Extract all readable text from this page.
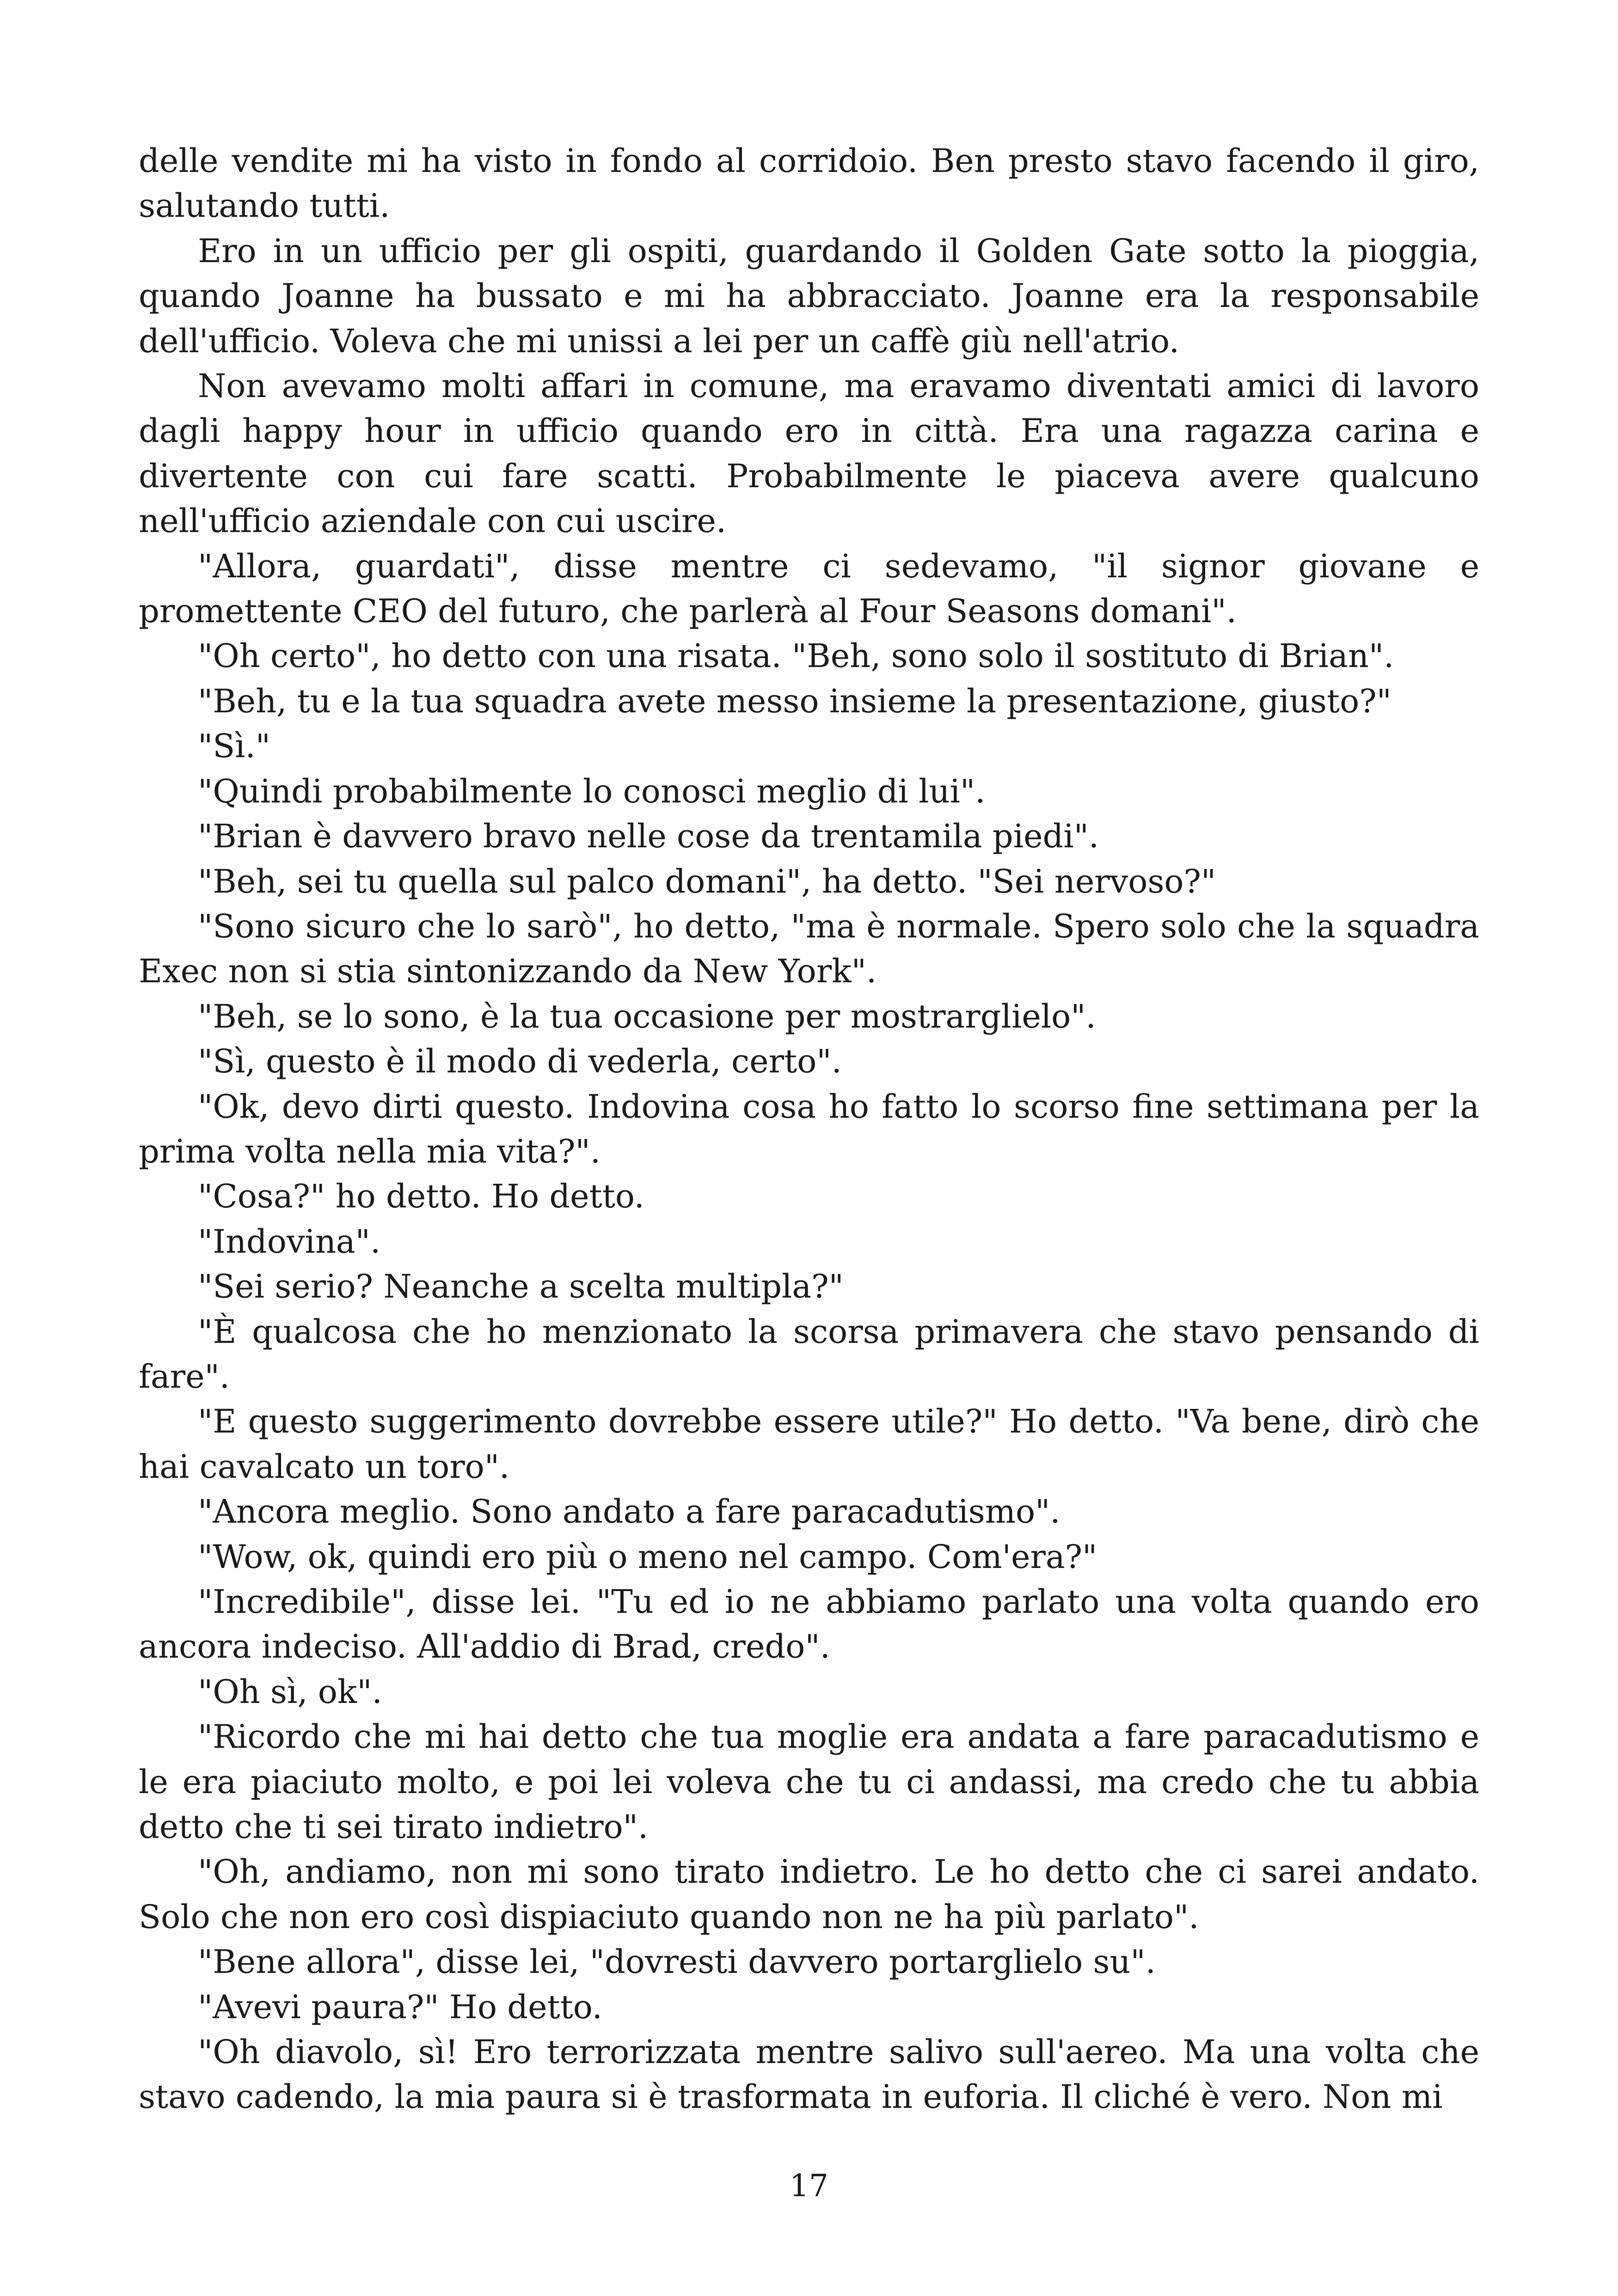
delle vendite mi ha visto in fondo al corridoio. Ben presto stavo facendo il giro, salutando tutti.

Ero in un ufficio per gli ospiti, guardando il Golden Gate sotto la pioggia, quando Joanne ha bussato e mi ha abbracciato. Joanne era la responsabile dell'ufficio. Voleva che mi unissi a lei per un caffè giù nell'atrio.

Non avevamo molti affari in comune, ma eravamo diventati amici di lavoro dagli happy hour in ufficio quando ero in città. Era una ragazza carina e divertente con cui fare scatti. Probabilmente le piaceva avere qualcuno nell'ufficio aziendale con cui uscire.

"Allora, guardati", disse mentre ci sedevamo, "il signor giovane e promettente CEO del futuro, che parlerà al Four Seasons domani".

"Oh certo", ho detto con una risata. "Beh, sono solo il sostituto di Brian".

"Beh, tu e la tua squadra avete messo insieme la presentazione, giusto?"

"Sì."

"Quindi probabilmente lo conosci meglio di lui".

"Brian è davvero bravo nelle cose da trentamila piedi".

"Beh, sei tu quella sul palco domani", ha detto. "Sei nervoso?"

"Sono sicuro che lo sarò", ho detto, "ma è normale. Spero solo che la squadra Exec non si stia sintonizzando da New York".

"Beh, se lo sono, è la tua occasione per mostrarglielo".

"Sì, questo è il modo di vederla, certo".

"Ok, devo dirti questo. Indovina cosa ho fatto lo scorso fine settimana per la prima volta nella mia vita?".

"Cosa?" ho detto. Ho detto.

"Indovina".

"Sei serio? Neanche a scelta multipla?"

"È qualcosa che ho menzionato la scorsa primavera che stavo pensando di fare".

"E questo suggerimento dovrebbe essere utile?" Ho detto. "Va bene, dirò che hai cavalcato un toro".

"Ancora meglio. Sono andato a fare paracadutismo".

"Wow, ok, quindi ero più o meno nel campo. Com'era?"

"Incredibile", disse lei. "Tu ed io ne abbiamo parlato una volta quando ero ancora indeciso. All'addio di Brad, credo".

"Oh sì, ok".

"Ricordo che mi hai detto che tua moglie era andata a fare paracadutismo e le era piaciuto molto, e poi lei voleva che tu ci andassi, ma credo che tu abbia detto che ti sei tirato indietro".

"Oh, andiamo, non mi sono tirato indietro. Le ho detto che ci sarei andato. Solo che non ero così dispiaciuto quando non ne ha più parlato".

"Bene allora", disse lei, "dovresti davvero portarglielo su".

"Avevi paura?" Ho detto.

"Oh diavolo, sì! Ero terrorizzata mentre salivo sull'aereo. Ma una volta che stavo cadendo, la mia paura si è trasformata in euforia. Il cliché è vero. Non mi

17
